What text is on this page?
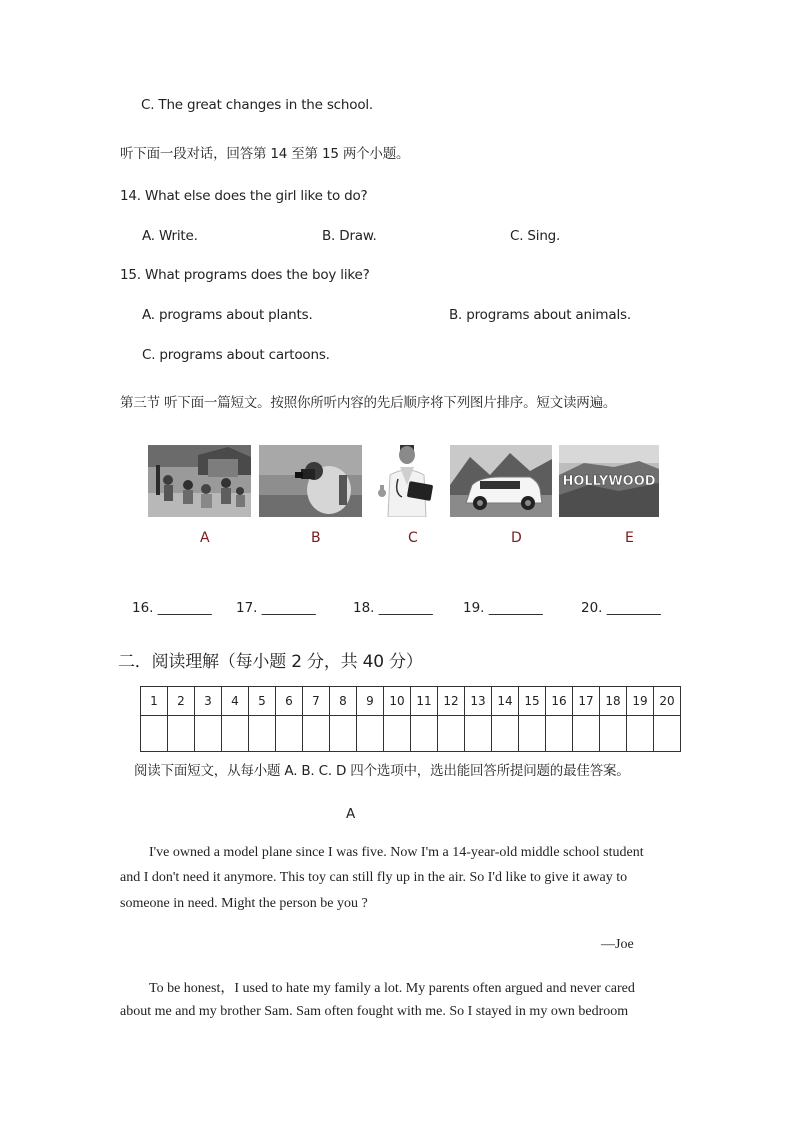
C. The great changes in the school.
听下面一段对话，回答第 14 至第 15 两个小题。
14. What else does the girl like to do?
A. Write.	B. Draw.	C. Sing.
15. What programs does the boy like?
A. programs about plants.	B. programs about animals.
C. programs about cartoons.
第三节 听下面一篇短文。按照你所听内容的先后顺序将下列图片排序。短文读两遍。
HOLLYWOOD
A	B	C	D	E
16. ________ 17. ________	18. ________ 19. ________	20. ________
二．阅读理解（每小题 2 分，共 40 分）
1	2	3	4	5	6	7	8	9	10	11	12	13	14	15	16	17	18	19	20

阅读下面短文，从每小题 A. B. C. D 四个选项中，选出能回答所提问题的最佳答案。
A
I've owned a model plane since I was five. Now I'm a 14-year-old middle school student
and I don't need it anymore. This toy can still fly up in the air. So I'd like to give it away to
someone in need. Might the person be you ?
—Joe
To be honest，I used to hate my family a lot. My parents often argued and never cared
about me and my brother Sam. Sam often fought with me. So I stayed in my own bedroom
